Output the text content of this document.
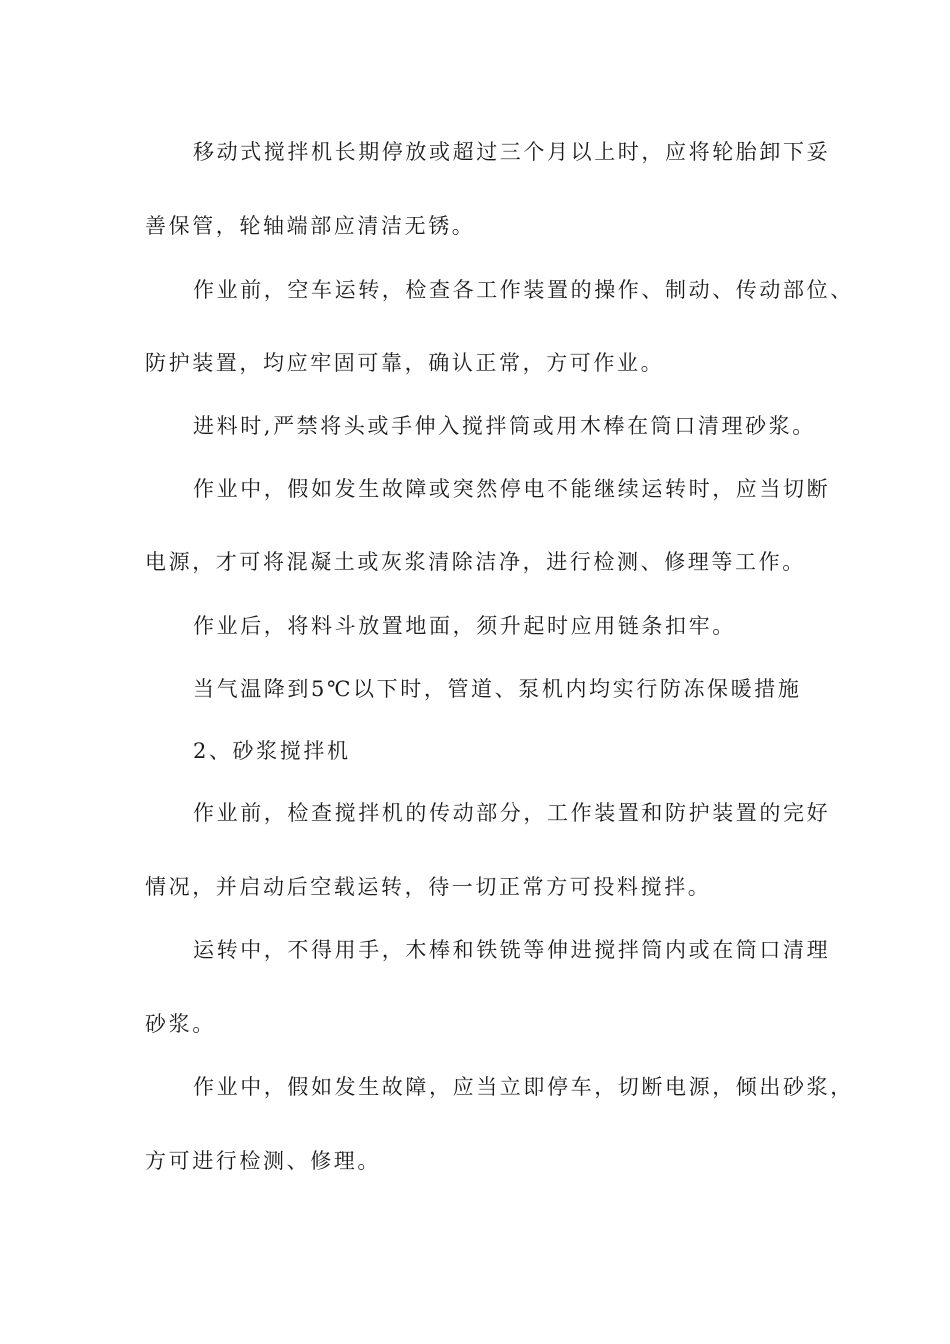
移动式搅拌机长期停放或超过三个月以上时，应将轮胎卸下妥
善保管，轮轴端部应清洁无锈。
作业前，空车运转，检查各工作装置的操作、制动、传动部位、
防护装置，均应牢固可靠，确认正常，方可作业。
进料时,严禁将头或手伸入搅拌筒或用木棒在筒口清理砂浆。
作业中，假如发生故障或突然停电不能继续运转时，应当切断
电源，才可将混凝土或灰浆清除洁净，进行检测、修理等工作。
作业后，将料斗放置地面，须升起时应用链条扣牢。
当气温降到5℃以下时，管道、泵机内均实行防冻保暖措施
2、砂浆搅拌机
作业前，检查搅拌机的传动部分，工作装置和防护装置的完好
情况，并启动后空载运转，待一切正常方可投料搅拌。
运转中，不得用手，木棒和铁铣等伸进搅拌筒内或在筒口清理
砂浆。
作业中，假如发生故障，应当立即停车，切断电源，倾出砂浆，
方可进行检测、修理。
